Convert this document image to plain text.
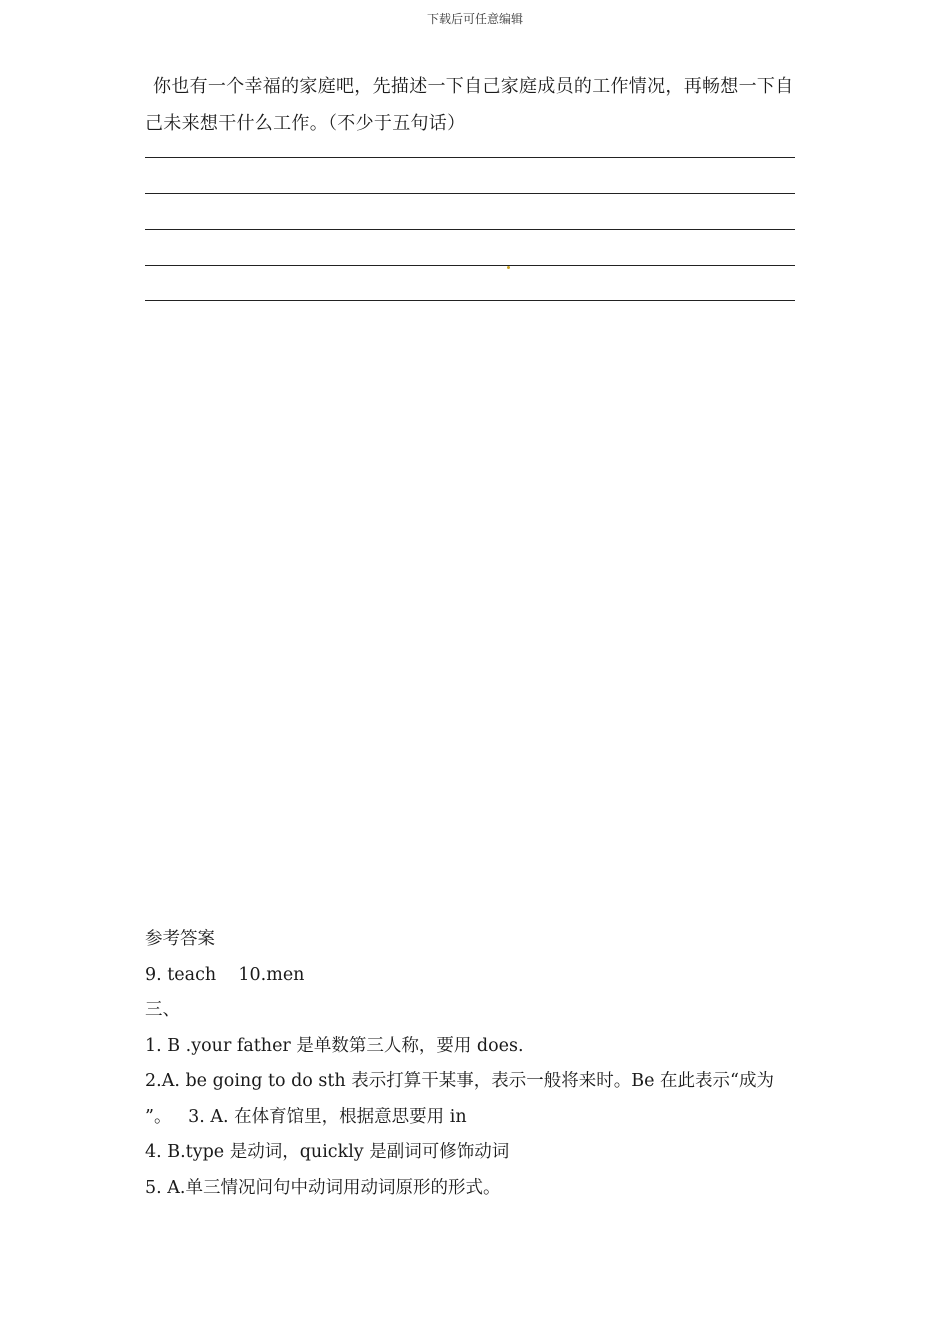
下载后可任意编辑
你也有一个幸福的家庭吧，先描述一下自己家庭成员的工作情况，再畅想一下自己未来想干什么工作。（不少于五句话）

参考答案

9. teach    10.men

三、

1. B .your father 是单数第三人称，要用 does.

2.A. be going to do sth 表示打算干某事，表示一般将来时。Be 在此表示“成为

”。   3. A. 在体育馆里，根据意思要用 in

4. B.type 是动词，quickly 是副词可修饰动词

5. A.单三情况问句中动词用动词原形的形式。
